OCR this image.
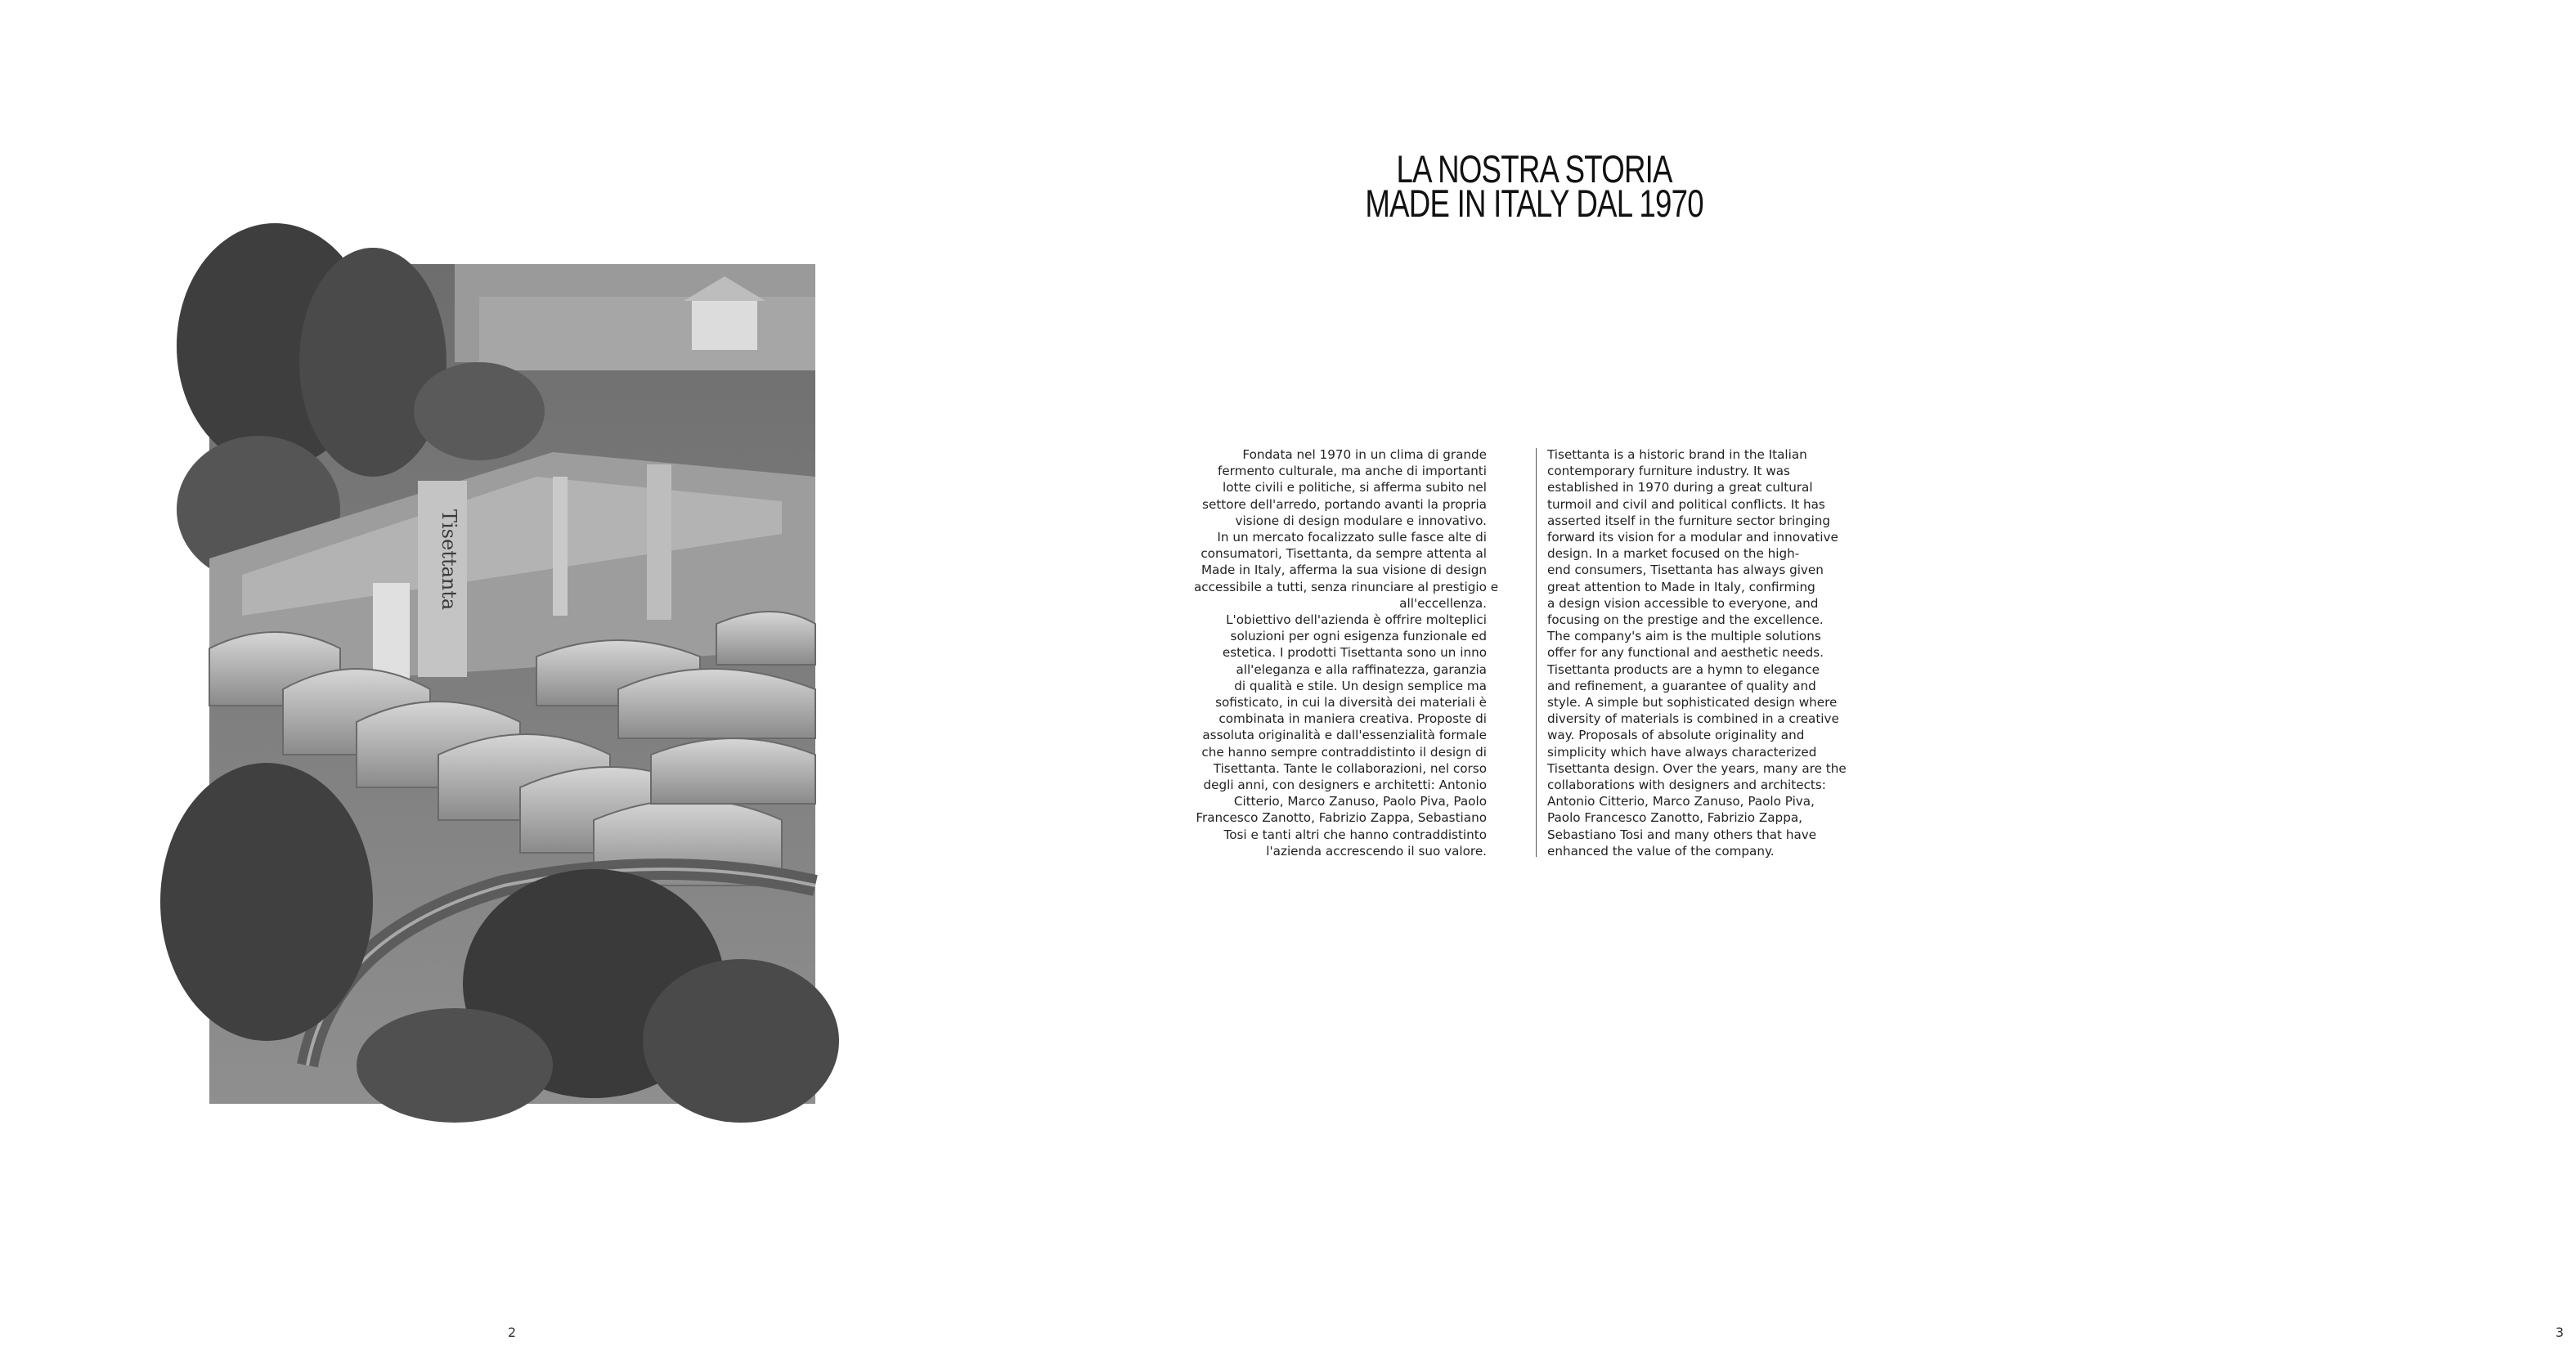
Tisettanta
2
LA NOSTRA STORIA
MADE IN ITALY DAL 1970
Fondata nel 1970 in un clima di grande
fermento culturale, ma anche di importanti
lotte civili e politiche, si afferma subito nel
settore dell'arredo, portando avanti la propria
visione di design modulare e innovativo.
In un mercato focalizzato sulle fasce alte di
consumatori, Tisettanta, da sempre attenta al
Made in Italy, afferma la sua visione di design
accessibile a tutti, senza rinunciare al prestigio e
all'eccellenza.
L'obiettivo dell'azienda è offrire molteplici
soluzioni per ogni esigenza funzionale ed
estetica. I prodotti Tisettanta sono un inno
all'eleganza e alla raffinatezza, garanzia
di qualità e stile. Un design semplice ma
sofisticato, in cui la diversità dei materiali è
combinata in maniera creativa. Proposte di
assoluta originalità e dall'essenzialità formale
che hanno sempre contraddistinto il design di
Tisettanta. Tante le collaborazioni, nel corso
degli anni, con designers e architetti: Antonio
Citterio, Marco Zanuso, Paolo Piva, Paolo
Francesco Zanotto, Fabrizio Zappa, Sebastiano
Tosi e tanti altri che hanno contraddistinto
l'azienda accrescendo il suo valore.
Tisettanta is a historic brand in the Italian
contemporary furniture industry. It was
established in 1970 during a great cultural
turmoil and civil and political conflicts. It has
asserted itself in the furniture sector bringing
forward its vision for a modular and innovative
design. In a market focused on the high-
end consumers, Tisettanta has always given
great attention to Made in Italy, confirming
a design vision accessible to everyone, and
focusing on the prestige and the excellence.
The company's aim is the multiple solutions
offer for any functional and aesthetic needs.
Tisettanta products are a hymn to elegance
and refinement, a guarantee of quality and
style. A simple but sophisticated design where
diversity of materials is combined in a creative
way. Proposals of absolute originality and
simplicity which have always characterized
Tisettanta design. Over the years, many are the
collaborations with designers and architects:
Antonio Citterio, Marco Zanuso, Paolo Piva,
Paolo Francesco Zanotto, Fabrizio Zappa,
Sebastiano Tosi and many others that have
enhanced the value of the company.
3
